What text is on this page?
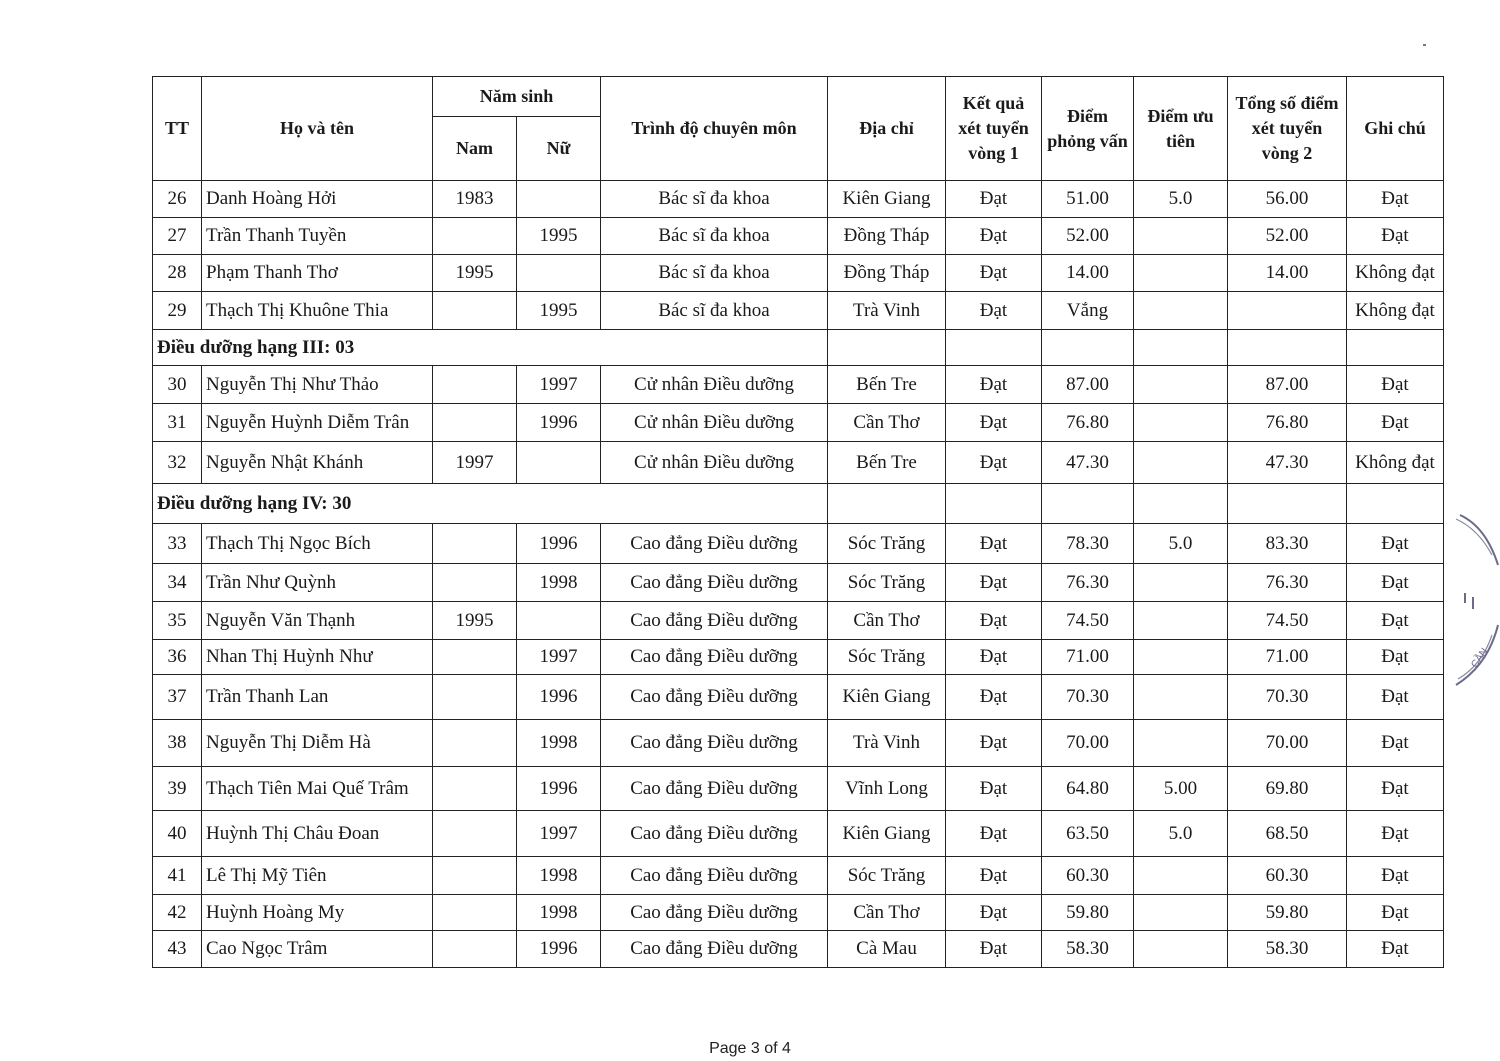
TT	Họ và tên	Năm sinh		Trình độ chuyên môn	Địa chỉ	Kết quả xét tuyển vòng 1	Điểm phỏng vấn	Điểm ưu tiên	Tổng số điểm xét tuyển vòng 2	Ghi chú
		Nam	Nữ							
26	Danh Hoàng Hởi	1983		Bác sĩ đa khoa	Kiên Giang	Đạt	51.00	5.0	56.00	Đạt
27	Trần Thanh Tuyền		1995	Bác sĩ đa khoa	Đồng Tháp	Đạt	52.00		52.00	Đạt
28	Phạm Thanh Thơ	1995		Bác sĩ đa khoa	Đồng Tháp	Đạt	14.00		14.00	Không đạt
29	Thạch Thị Khuône Thia		1995	Bác sĩ đa khoa	Trà Vinh	Đạt	Vắng			Không đạt
Điều dưỡng hạng III: 03										
30	Nguyễn Thị Như Thảo		1997	Cử nhân Điều dưỡng	Bến Tre	Đạt	87.00		87.00	Đạt
31	Nguyễn Huỳnh Diễm Trân		1996	Cử nhân Điều dưỡng	Cần Thơ	Đạt	76.80		76.80	Đạt
32	Nguyễn Nhật Khánh	1997		Cử nhân Điều dưỡng	Bến Tre	Đạt	47.30		47.30	Không đạt
Điều dưỡng hạng IV: 30										
33	Thạch Thị Ngọc Bích		1996	Cao đẳng Điều dưỡng	Sóc Trăng	Đạt	78.30	5.0	83.30	Đạt
34	Trần Như Quỳnh		1998	Cao đẳng Điều dưỡng	Sóc Trăng	Đạt	76.30		76.30	Đạt
35	Nguyễn Văn Thạnh	1995		Cao đẳng Điều dưỡng	Cần Thơ	Đạt	74.50		74.50	Đạt
36	Nhan Thị Huỳnh Như		1997	Cao đẳng Điều dưỡng	Sóc Trăng	Đạt	71.00		71.00	Đạt
37	Trần Thanh Lan		1996	Cao đẳng Điều dưỡng	Kiên Giang	Đạt	70.30		70.30	Đạt
38	Nguyễn Thị Diễm Hà		1998	Cao đẳng Điều dưỡng	Trà Vinh	Đạt	70.00		70.00	Đạt
39	Thạch Tiên Mai Quế Trâm		1996	Cao đẳng Điều dưỡng	Vĩnh Long	Đạt	64.80	5.00	69.80	Đạt
40	Huỳnh Thị Châu Đoan		1997	Cao đẳng Điều dưỡng	Kiên Giang	Đạt	63.50	5.0	68.50	Đạt
41	Lê Thị Mỹ Tiên		1998	Cao đẳng Điều dưỡng	Sóc Trăng	Đạt	60.30		60.30	Đạt
42	Huỳnh Hoàng My		1998	Cao đẳng Điều dưỡng	Cần Thơ	Đạt	59.80		59.80	Đạt
43	Cao Ngọc Trâm		1996	Cao đẳng Điều dưỡng	Cà Mau	Đạt	58.30		58.30	Đạt
CẦN
Page 3 of 4
